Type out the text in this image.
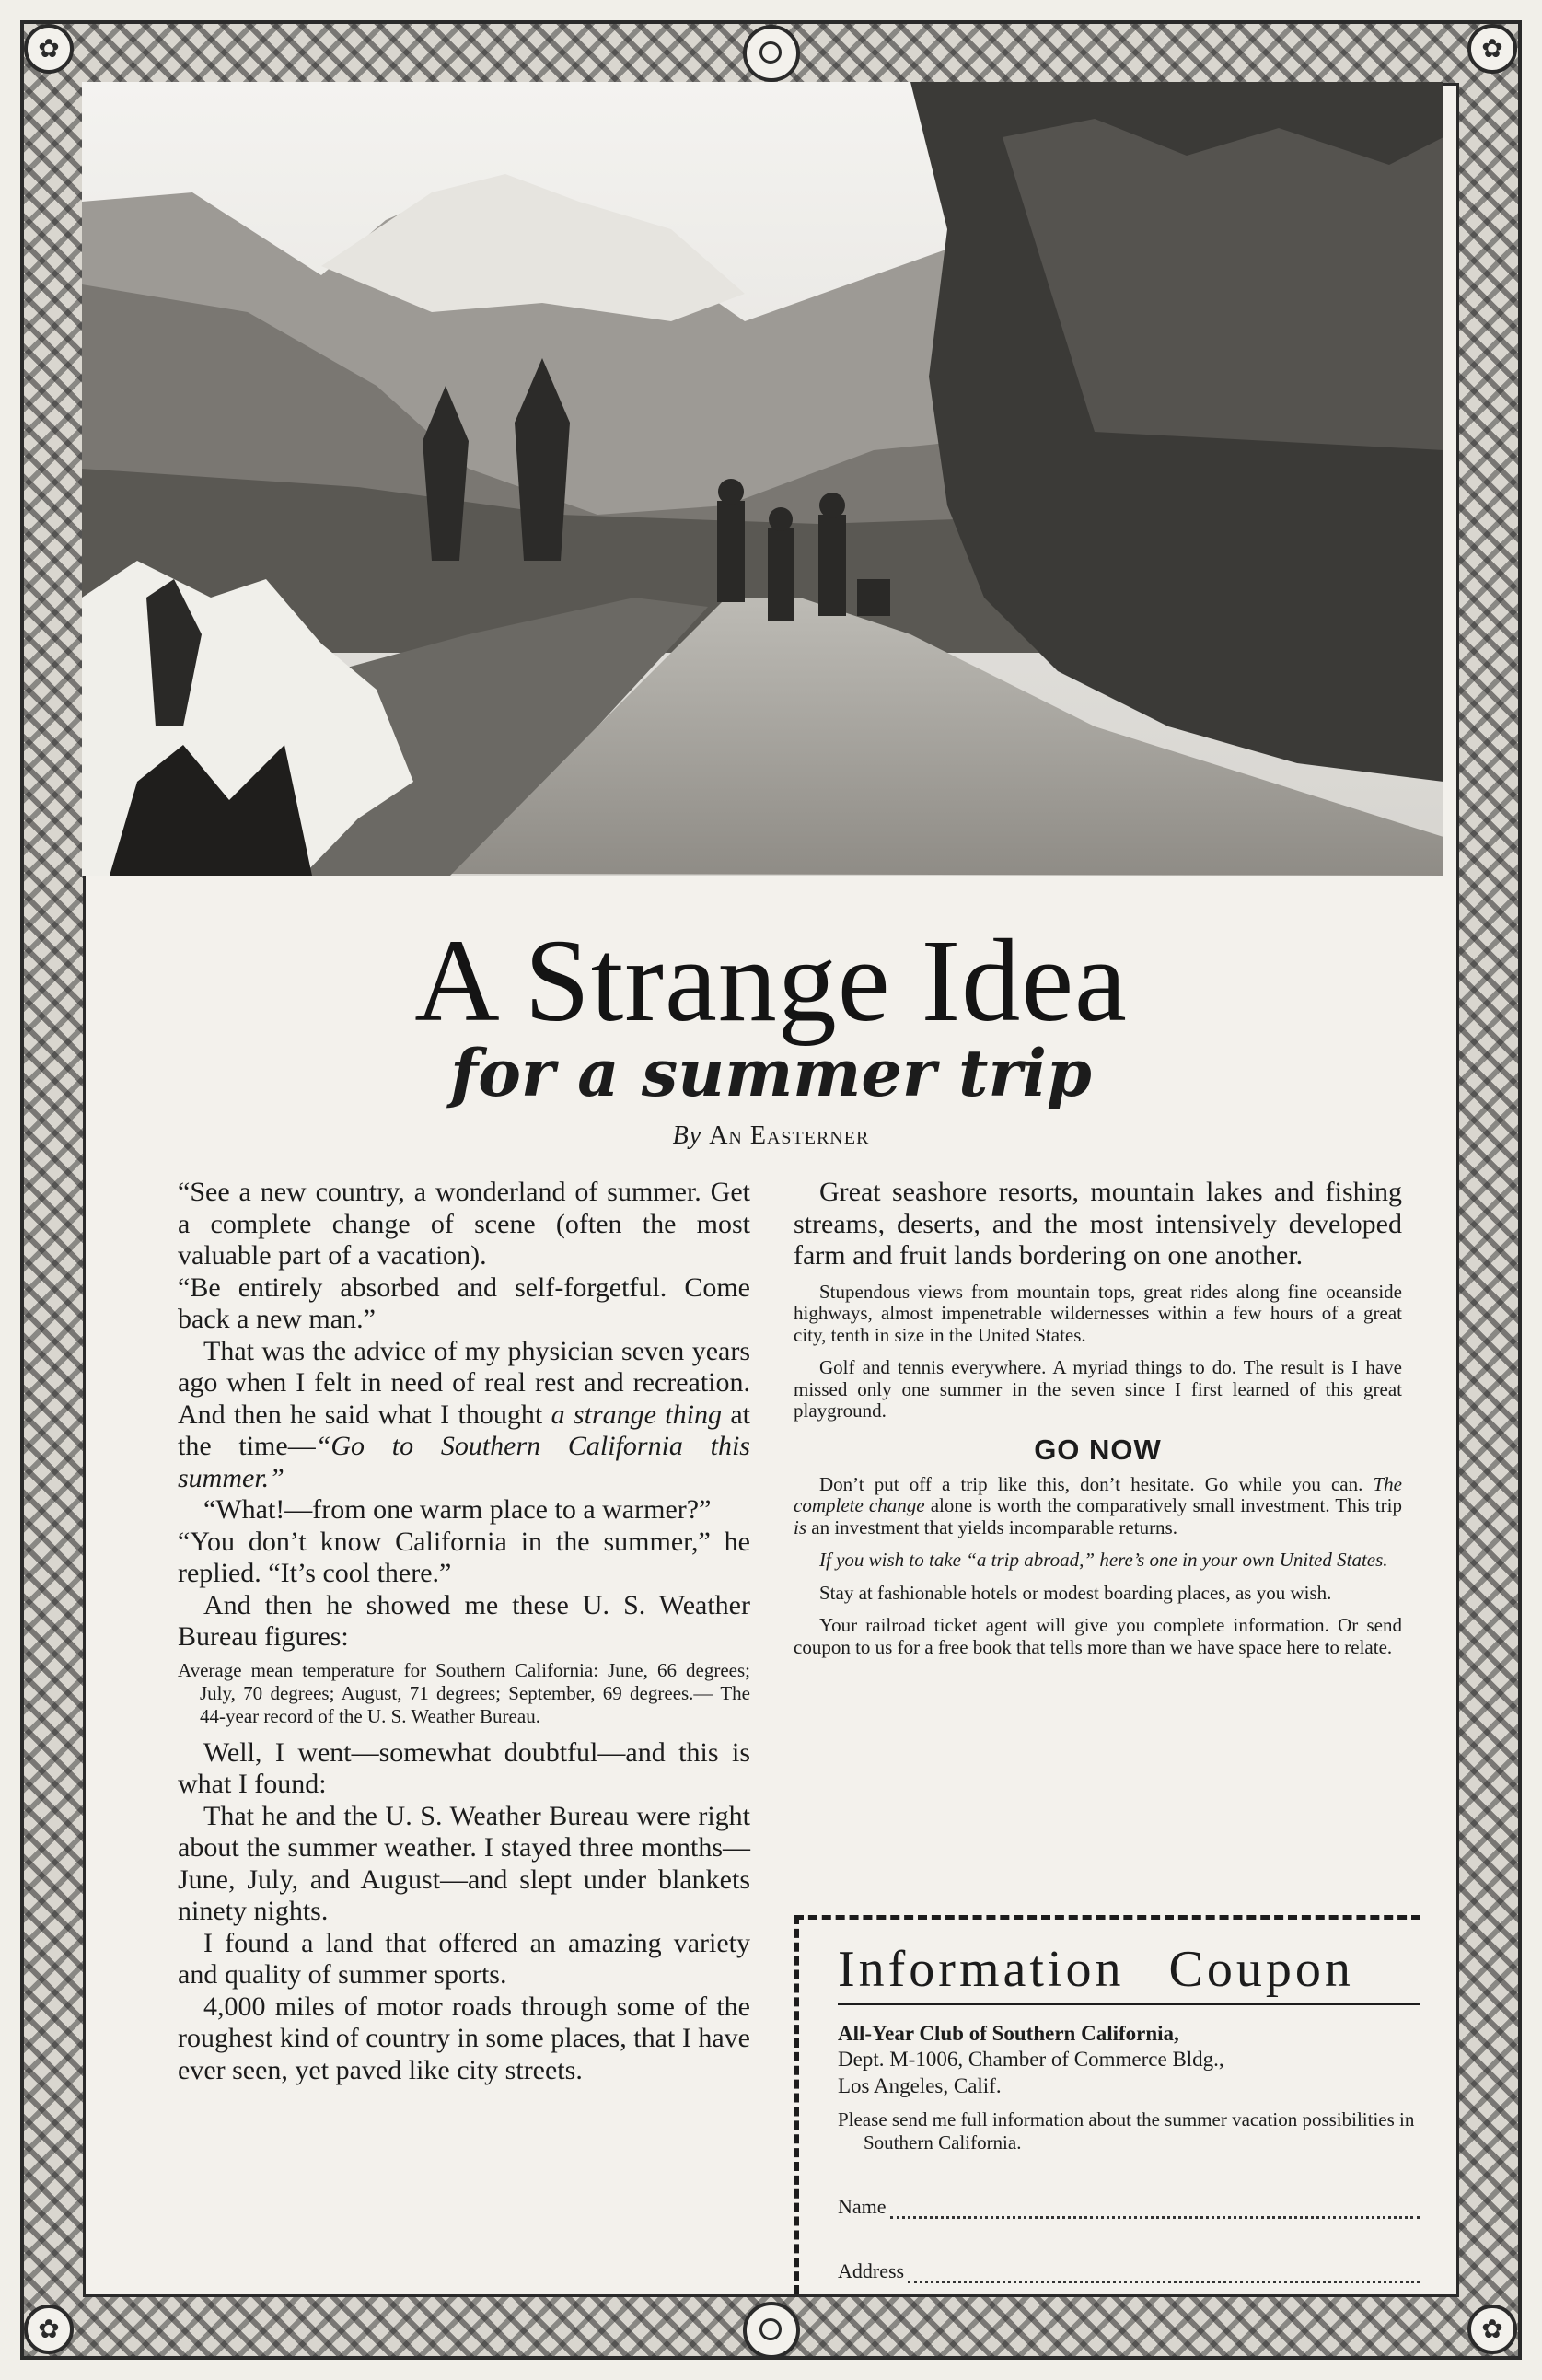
✿
✿
✿	✿
A Strange Idea
for a summer trip
By An Easterner

“See a new country, a wonderland of summer. Get a complete change of scene (often the most valuable part of a vacation).

“Be entirely absorbed and self-forgetful. Come back a new man.”

That was the advice of my physician seven years ago when I felt in need of real rest and recreation. And then he said what I thought a strange thing at the time—“Go to Southern California this summer.”

“What!—from one warm place to a warmer?”

“You don’t know California in the summer,” he replied. “It’s cool there.”

And then he showed me these U. S. Weather Bureau figures:

Average mean temperature for Southern California: June, 66 degrees; July, 70 degrees; August, 71 degrees; September, 69 degrees.— The 44-year record of the U. S. Weather Bureau.

Well, I went—somewhat doubtful—and this is what I found:

That he and the U. S. Weather Bureau were right about the summer weather. I stayed three months—June, July, and August—and slept under blankets ninety nights.

I found a land that offered an amazing variety and quality of summer sports.

4,000 miles of motor roads through some of the roughest kind of country in some places, that I have ever seen, yet paved like city streets.

Great seashore resorts, mountain lakes and fishing streams, deserts, and the most intensively developed farm and fruit lands bordering on one another.

Stupendous views from mountain tops, great rides along fine oceanside highways, almost impenetrable wildernesses within a few hours of a great city, tenth in size in the United States.

Golf and tennis everywhere. A myriad things to do. The result is I have missed only one summer in the seven since I first learned of this great playground.

GO NOW

Don’t put off a trip like this, don’t hesitate. Go while you can. The complete change alone is worth the comparatively small investment. This trip is an investment that yields incomparable returns.

If you wish to take “a trip abroad,” here’s one in your own United States.

Stay at fashionable hotels or modest boarding places, as you wish.

Your railroad ticket agent will give you complete information. Or send coupon to us for a free book that tells more than we have space here to relate.

Information Coupon
All-Year Club of Southern California,
Dept. M-1006, Chamber of Commerce Bldg.,
Los Angeles, Calif.
Please send me full information about the summer vacation possibilities in Southern California.
Name
Address
